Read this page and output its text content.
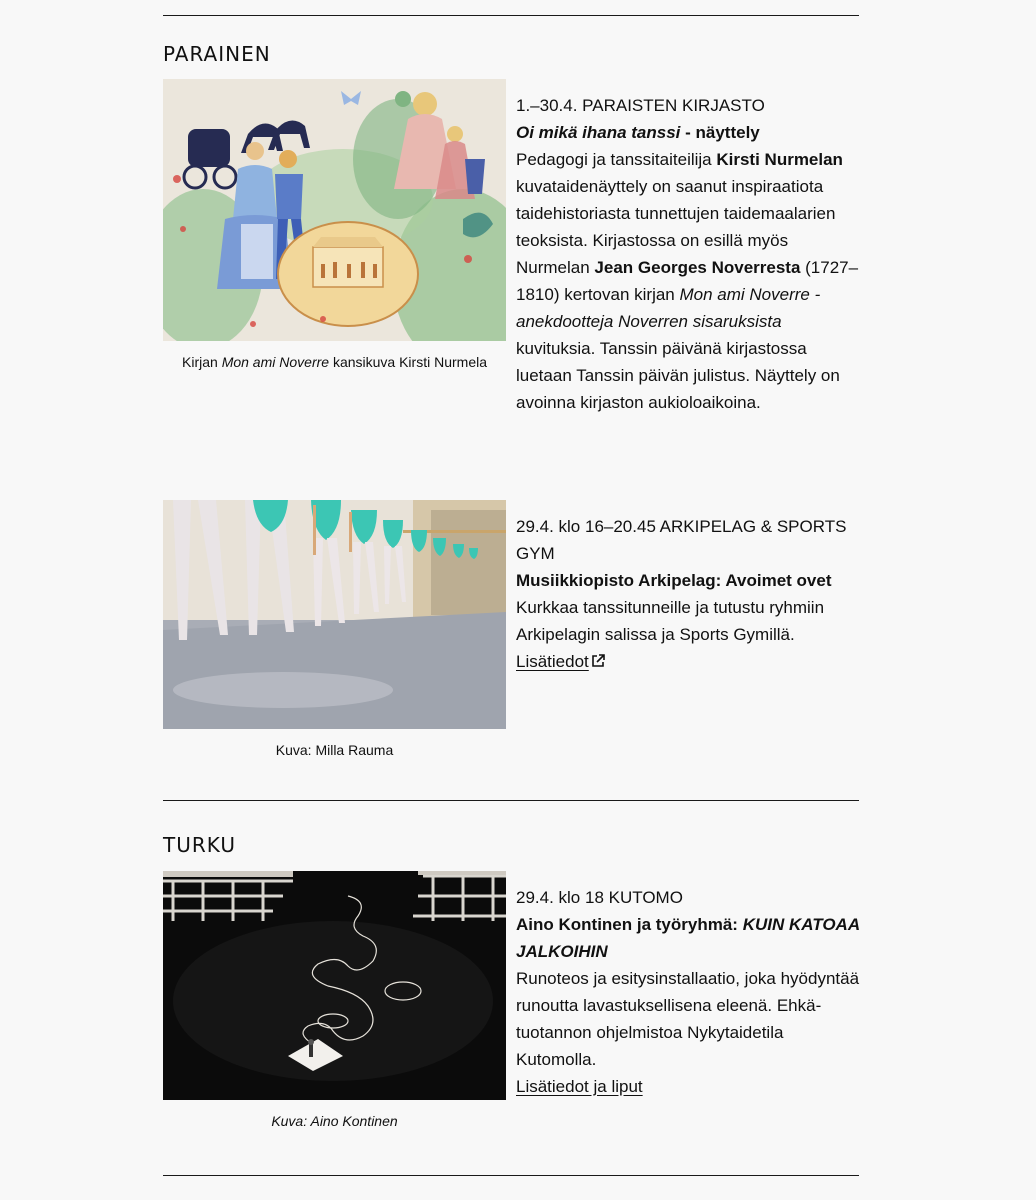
PARAINEN
Kirjan Mon ami Noverre kansikuva Kirsti Nurmela

1.–30.4. PARAISTEN KIRJASTO

Oi mikä ihana tanssi - näyttely

Pedagogi ja tanssitaiteilija Kirsti Nurmelan kuvataidenäyttely on saanut inspiraatiota taidehistoriasta tunnettujen taidemaalarien teoksista. Kirjastossa on esillä myös Nurmelan Jean Georges Noverresta (1727–1810) kertovan kirjan Mon ami Noverre -anekdootteja Noverren sisaruksista kuvituksia. Tanssin päivänä kirjastossa luetaan Tanssin päivän julistus. Näyttely on avoinna kirjaston aukioloaikoina.

Kuva: Milla Rauma

29.4. klo 16–20.45 ARKIPELAG & SPORTS GYM

Musiikkiopisto Arkipelag: Avoimet ovet

Kurkkaa tanssitunneille ja tutustu ryhmiin Arkipelagin salissa ja Sports Gymillä.

Lisätiedot

TURKU
Kuva: Aino Kontinen

29.4. klo 18 KUTOMO

Aino Kontinen ja työryhmä: KUIN KATOAA JALKOIHIN

Runoteos ja esitysinstallaatio, joka hyödyntää runoutta lavastuksellisena eleenä. Ehkä-tuotannon ohjelmistoa Nykytaidetila Kutomolla.

Lisätiedot ja liput
